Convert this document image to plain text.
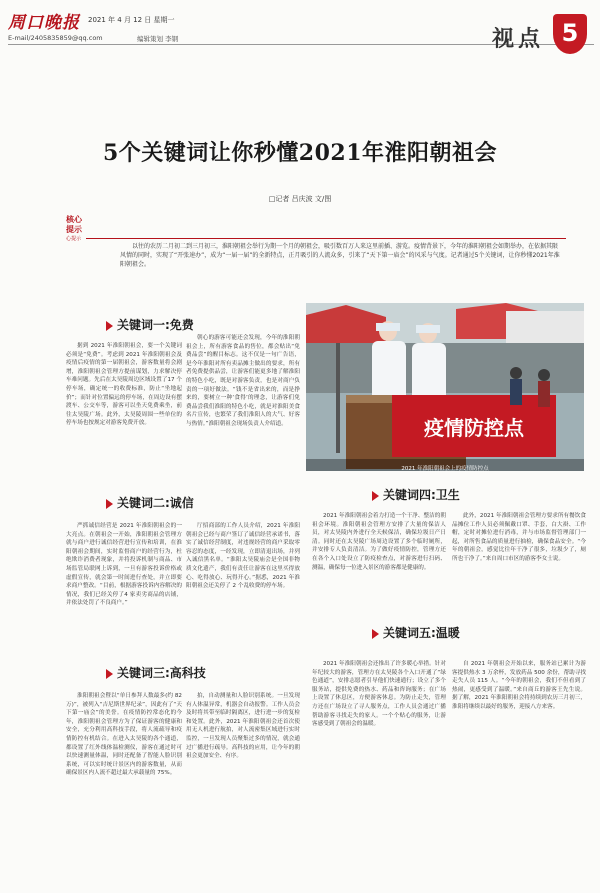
周口晚报 2021 年 4 月 12 日 星期一
E-mail/2405835859@qq.com	编辑策划 李钢	视点 5
5个关键词让你秒懂2021年淮阳朝祖会
□记者 吕庆波 文/图
核心提示
心提示
以往的农历二月初二到三月初三，淮阳朝祖会举行为期一个月的朝祖会，吸引数百万人来这里前插、游览。疫情背景下，今年的淮阳朝祖会如期举办，在依据其限风情的同时，实现了“开张速办”，成为“一届一届”的全新特点，正月吸引的人流众多，引来了“天下第一庙会”的风采与气度。记者通过5个关键词，让你秒懂2021年淮阳朝祖会。
关键词一:免费

据到 2021 年淮阳朝祖会，要一个关键词必须是“免费”。考虑到 2021 年淮阳朝祖会及疫情后疫情的第一届朝祖会，游客数量将会剧增，淮阳朝祖会管理方提前谋划，力求解决停车难问题。先后在太昊陵周边区域设置了17 个停车场，确定统一的收费标准，防止“坐地起价”；而针对位置偏远的停车场，在周边设有摆渡车、公交车等，游客可以坐天免费乘坐，前往太昊陵广场。此外，太昊陵周围一些单位的停车场也按规定对游客免费开放。

朝心的游客可能还会发现，今年的淮阳朝祖会上，所有游客食品的售位，都会贴出“免费品尝”的醒目标志。这不仅是一句广告语，是今年淮阳对所有卖品摊主做出的要求，所有者免费提供品尝，让游客们能更多地了解淮阳的特色小吃，既是对游客负责，也是对商户负责的一项好做法。“钱不是省出来的，而是挣来的，要树立一种‘食得’的理念，让游客们免费品尝我们淮阳的特色小吃，就是对淮阳美食名片宣传，也繁荣了我们淮阳人的大气、好客与热情。”淮阳朝祖会现场负责人介绍道。

关键词二:诚信

严抓诚信经营是 2021 年淮阳朝祖会的一大亮点。在朝祖会一开始，淮阳朝祖会管理方就与商户进行诚信经营进行宣传和培训，在淮阳朝祖会期间，实时监督商户的经营行为，杜绝欺诈消费者现象，并将投诉机制与商品、市场监管局联网上诉到，一旦有游客投诉价格或虚假宣传，就会第一时间进行查处，并立即要求商户整改。“目前，根据游客投诉内容解决的情况，我们已经关停了4 家卖劣商品的店铺，并依法处罚了不良商户。”

厅招商部的工作人员介绍，2021 年淮阳朝祖会已经与商户签订了诚信经营承诺书，落实了诚信经营制度，对违规经营的商户采取零容忍的态度，一经发现，立即清退出场，并列入诚信黑名单。“淮阳太昊陵庙会是全国非物质文化遗产，我们有责任让游客在这里买得放心、吃得放心、玩得开心。”据悉，2021 年淮阳朝祖会还关停了 2 个乱收费的停车场。

关键词三:高科技

淮阳朝祖会暨以“单日参拜人数最多(约 82 万)”，被列入“吉尼斯世界纪录”，因此有了“天下第一庙会”的美誉。在疫情防控常态化的今年，淮阳朝祖会管理方为了保证游客的健康和安全，充分利用高科技手段，将人流疏导和疫情防控有机结合。在进入太昊陵的各个通道，都设置了红外线体温检测仪，游客在通过时可以快速测量体温，同时还配备了智能人脸识别系统，可以实时统计景区内的游客数量，从而确保景区内人流不超过最大承载量的 75%。

拍，自动测量和人脸识别系统。一旦发现有人体温异常，机器会自动报警。工作人员会及时将其带至临时隔离区，进行进一步的复检和处置。此外，2021 年淮阳朝祖会还首次使用无人机进行航拍，对人流密集区域进行实时监控，一旦发现人员聚集过多的情况，就会通过广播进行疏导。高科技的应用，让今年的朝祖会更加安全、有序。

疫情防控点
2021 年淮阳朝祖会上的疫情防控点
关键词四:卫生

2021 年淮阳朝祖会着力打造一个干净、整洁的朝祖会环境。淮阳朝祖会管理方安排了大量的保洁人员，对太昊陵内外进行全天候保洁，确保垃圾日产日清。同时还在太昊陵广场周边设置了多个临时厕所，并安排专人负责清洁。为了做好疫情防控，管理方还在各个入口处设立了防疫检查点，对游客进行扫码、测温，确保每一位进入景区的游客都是健康的。

此外，2021 年淮阳朝祖会管理方要求所有餐饮食品摊位工作人员必须佩戴口罩、手套，白大褂、工作帽，定时对摊位进行消毒，并与市场监督管理部门一起，对所售食品的质量进行抽检，确保食品安全。“今年的朝祖会，感觉比往年干净了很多，垃圾少了，厕所也干净了。”来自周口市区的游客李女士说。

关键词五:温暖

2021 年淮阳朝祖会还推出了许多暖心举措。针对年纪较大的游客，管理方在太昊陵各个入口开通了“绿色通道”，安排志愿者引导他们快速通行；设立了多个服务站，提供免费的热水、药品和咨询服务；在广场上设置了休息区，方便游客休息。为防止走失，管理方还在广场设立了寻人服务点，工作人员会通过广播帮助游客寻找走失的家人。一个个贴心的服务，让游客感受到了朝祖会的温暖。

自 2021 年朝祖会开始以来，服务站已累计为游客提供热水 3 万余杯，发放药品 500 余份，帮助寻找走失人员 115 人。“今年的朝祖会，我们不但看到了热闹，更感受到了温暖。”来自商丘的游客王先生说。据了解，2021 年淮阳朝祖会将持续到农历三月初三，淮阳将继续以最好的服务，迎接八方来客。
